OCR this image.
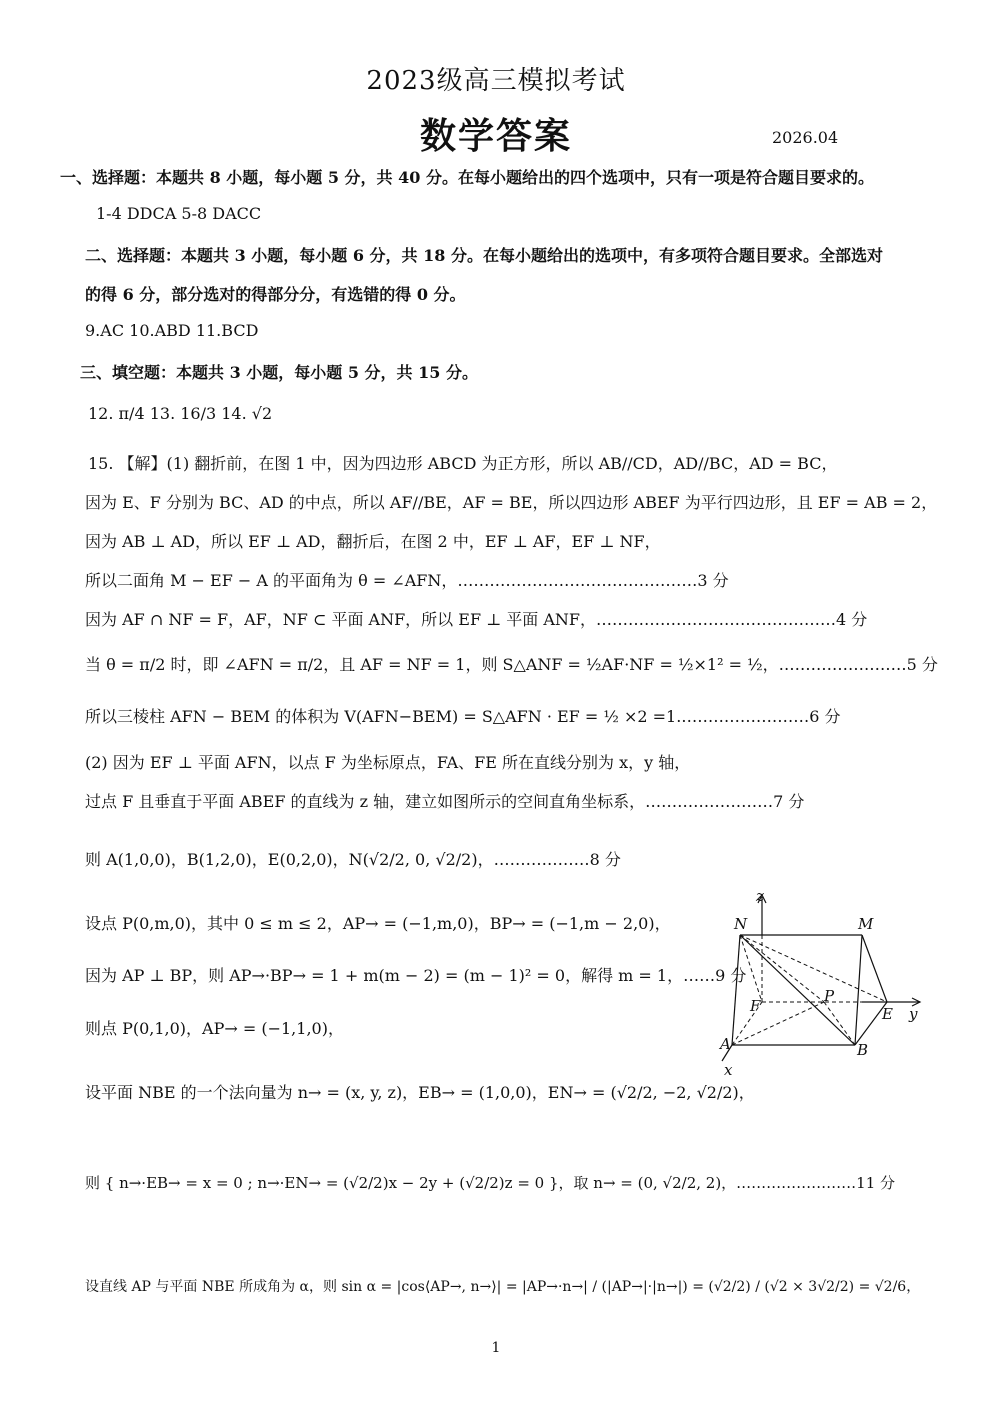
2023级高三模拟考试
数学答案	2026.04
一、选择题：本题共 8 小题，每小题 5 分，共 40 分。在每小题给出的四个选项中，只有一项是符合题目要求的。
1-4 DDCA 5-8 DACC
二、选择题：本题共 3 小题，每小题 6 分，共 18 分。在每小题给出的选项中，有多项符合题目要求。全部选对
的得 6 分，部分选对的得部分分，有选错的得 0 分。
9.AC 10.ABD 11.BCD
三、填空题：本题共 3 小题，每小题 5 分，共 15 分。
12. π/4 13. 16/3 14. √2
15. 【解】(1) 翻折前，在图 1 中，因为四边形 ABCD 为正方形，所以 AB//CD，AD//BC，AD = BC，
因为 E、F 分别为 BC、AD 的中点，所以 AF//BE，AF = BE，所以四边形 ABEF 为平行四边形，且 EF = AB = 2，
因为 AB ⊥ AD，所以 EF ⊥ AD，翻折后，在图 2 中，EF ⊥ AF，EF ⊥ NF，
所以二面角 M − EF − A 的平面角为 θ = ∠AFN，………………………………………3 分
因为 AF ∩ NF = F，AF，NF ⊂ 平面 ANF，所以 EF ⊥ 平面 ANF，………………………………………4 分
当 θ = π/2 时，即 ∠AFN = π/2，且 AF = NF = 1，则 S△ANF = ½AF·NF = ½×1² = ½，……………………5 分
所以三棱柱 AFN − BEM 的体积为 V(AFN−BEM) = S△AFN · EF = ½ ×2 =1.……………………6 分
(2) 因为 EF ⊥ 平面 AFN，以点 F 为坐标原点，FA、FE 所在直线分别为 x，y 轴，
过点 F 且垂直于平面 ABEF 的直线为 z 轴，建立如图所示的空间直角坐标系，……………………7 分
则 A(1,0,0)，B(1,2,0)，E(0,2,0)，N(√2/2, 0, √2/2)，………………8 分
设点 P(0,m,0)，其中 0 ≤ m ≤ 2，AP→ = (−1,m,0)，BP→ = (−1,m − 2,0)，
因为 AP ⊥ BP，则 AP→·BP→ = 1 + m(m − 2) = (m − 1)² = 0，解得 m = 1，……9 分
则点 P(0,1,0)，AP→ = (−1,1,0)，
设平面 NBE 的一个法向量为 n→ = (x, y, z)，EB→ = (1,0,0)，EN→ = (√2/2, −2, √2/2)，
则 { n→·EB→ = x = 0 ; n→·EN→ = (√2/2)x − 2y + (√2/2)z = 0 }，取 n→ = (0, √2/2, 2)，……………………11 分
设直线 AP 与平面 NBE 所成角为 α，则 sin α = |cos⟨AP→, n→⟩| = |AP→·n→| / (|AP→|·|n→|) = (√2/2) / (√2 × 3√2/2) = √2/6，
z
N	M
F
P
E y
A	B
x
1
